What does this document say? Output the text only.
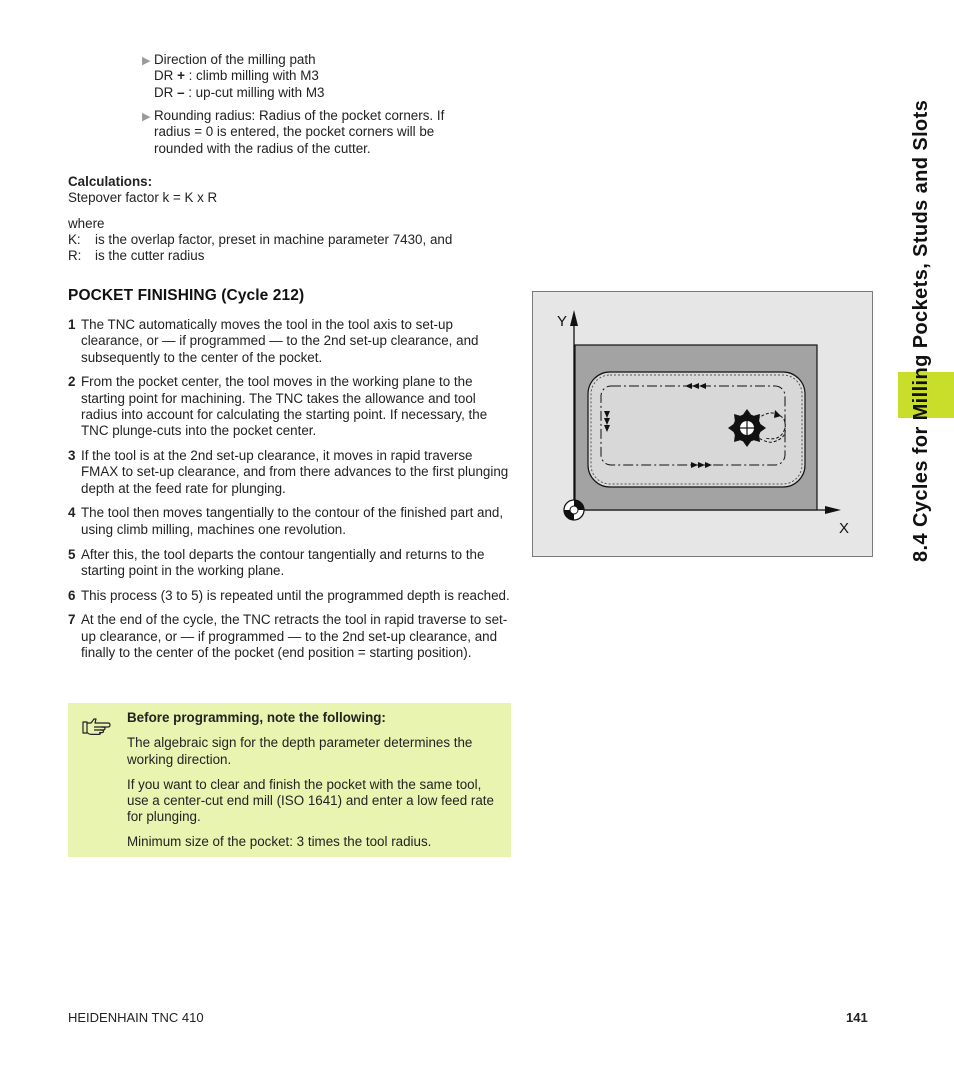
▶ Direction of the milling path

DR + : climb milling with M3

DR – : up-cut milling with M3

▶ Rounding radius: Radius of the pocket corners. If radius = 0 is entered, the pocket corners will be rounded with the radius of the cutter.

Calculations:

Stepover factor k = K x R

where

K: is the overlap factor, preset in machine parameter 7430, and

R: is the cutter radius

POCKET FINISHING (Cycle 212)
1 The TNC automatically moves the tool in the tool axis to set-up clearance, or — if programmed — to the 2nd set-up clearance, and subsequently to the center of the pocket.

2 From the pocket center, the tool moves in the working plane to the starting point for machining. The TNC takes the allowance and tool radius into account for calculating the starting point. If necessary, the TNC plunge-cuts into the pocket center.

3 If the tool is at the 2nd set-up clearance, it moves in rapid traverse FMAX to set-up clearance, and from there advances to the first plunging depth at the feed rate for plunging.

4 The tool then moves tangentially to the contour of the finished part and, using climb milling, machines one revolution.

5 After this, the tool departs the contour tangentially and returns to the starting point in the working plane.

6 This process (3 to 5) is repeated until the programmed depth is reached.

7 At the end of the cycle, the TNC retracts the tool in rapid traverse to set-up clearance, or — if programmed — to the 2nd set-up clearance, and finally to the center of the pocket (end position = starting position).

Before programming, note the following:

The algebraic sign for the depth parameter determines the working direction.

If you want to clear and finish the pocket with the same tool, use a center-cut end mill (ISO 1641) and enter a low feed rate for plunging.

Minimum size of the pocket: 3 times the tool radius.

Y
X	8.4 Cycles for Milling Pockets, Studs and Slots
HEIDENHAIN TNC 410	141
